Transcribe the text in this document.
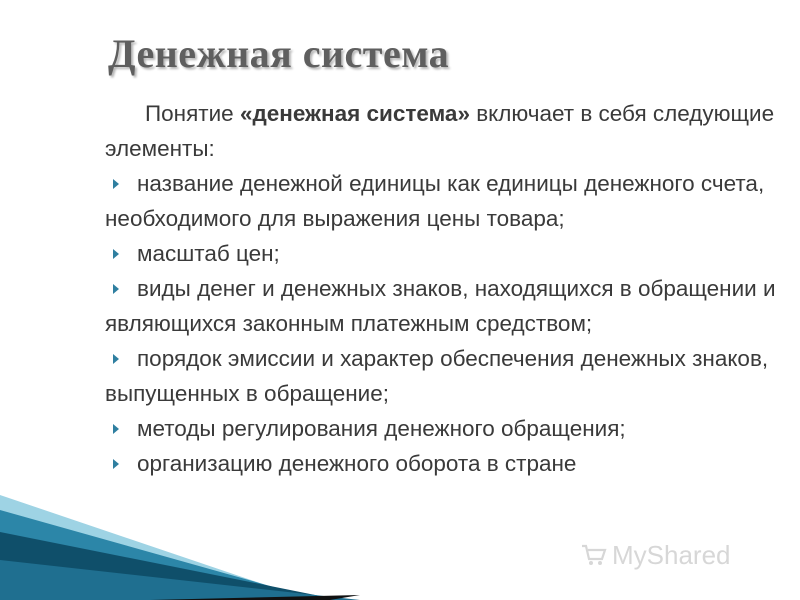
Денежная система

Понятие «денежная система» включает в себя следующие элементы:

название денежной единицы как единицы денежного счета, необходимого для выражения цены товара;

масштаб цен;

виды денег и денежных знаков, находящихся в обращении и являющихся законным платежным средством;

порядок эмиссии и характер обеспечения денежных знаков, выпущенных в обращение;

методы регулирования денежного обращения;

организацию денежного оборота в стране

MyShared
